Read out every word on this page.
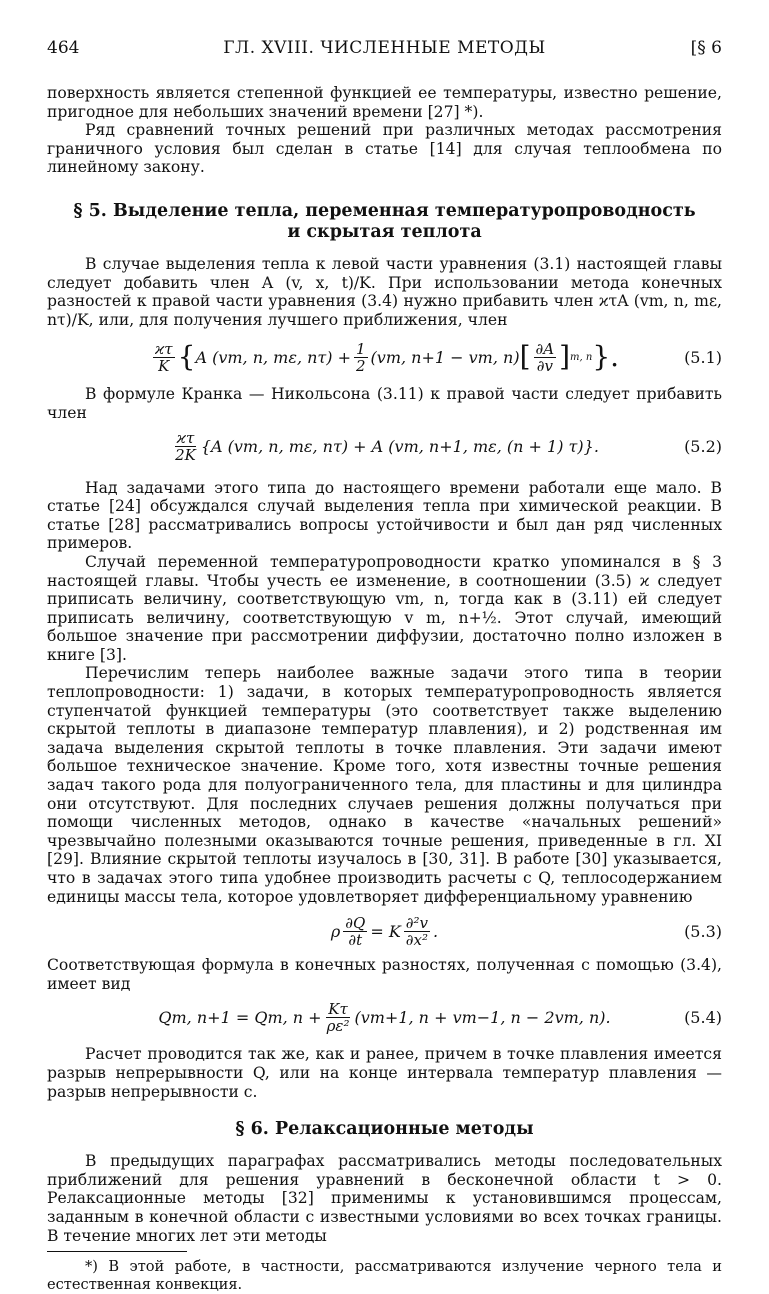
464	ГЛ. XVIII. ЧИСЛЕННЫЕ МЕТОДЫ	[§ 6

поверхность является степенной функцией ее температуры, известно решение, пригодное для небольших значений времени [27] *).

Ряд сравнений точных решений при различных методах рассмотрения граничного условия был сделан в статье [14] для случая теплообмена по линейному закону.

§ 5. Выделение тепла, переменная температуропроводность
и скрытая теплота

В случае выделения тепла к левой части уравнения (3.1) настоящей главы следует добавить член A (v, x, t)/K. При использовании метода конечных разностей к правой части уравнения (3.4) нужно прибавить член ϰτA (vm, n, mε, nτ)/K, или, для получения лучшего приближения, член

$\frac{ϰ\tau}{K}$ { A (vm, n, mε, $n\tau) + \frac{1}{2} (vm$, n+1 − vm, n) [ $\frac{\partial A}{\partial v}$ ] m, n }.	(5.1)

В формуле Кранка — Никольсона (3.11) к правой части следует прибавить член

$\frac{ϰ\tau}{2K} \{A$ (vm, n, mε, nτ) + A (vm, n+1, mε, (n + 1) τ)}.	(5.2)

Над задачами этого типа до настоящего времени работали еще мало. В статье [24] обсуждался случай выделения тепла при химической реакции. В статье [28] рассматривались вопросы устойчивости и был дан ряд численных примеров.

Случай переменной температуропроводности кратко упоминался в § 3 настоящей главы. Чтобы учесть ее изменение, в соотношении (3.5) ϰ следует приписать величину, соответствующую vm, n, тогда как в (3.11) ей следует приписать величину, соответствующую v m, n+½. Этот случай, имеющий большое значение при рассмотрении диффузии, достаточно полно изложен в книге [3].

Перечислим теперь наиболее важные задачи этого типа в теории теплопроводности: 1) задачи, в которых температуропроводность является ступенчатой функцией температуры (это соответствует также выделению скрытой теплоты в диапазоне температур плавления), и 2) родственная им задача выделения скрытой теплоты в точке плавления. Эти задачи имеют большое техническое значение. Кроме того, хотя известны точные решения задач такого рода для полуограниченного тела, для пластины и для цилиндра они отсутствуют. Для последних случаев решения должны получаться при помощи численных методов, однако в качестве «начальных решений» чрезвычайно полезными оказываются точные решения, приведенные в гл. XI [29]. Влияние скрытой теплоты изучалось в [30, 31]. В работе [30] указывается, что в задачах этого типа удобнее производить расчеты с Q, теплосодержанием единицы массы тела, которое удовлетворяет дифференциальному уравнению

ρ $\frac{\partial Q}{\partial t} = K \frac{\text{∂²v}}{\text{∂x²}}$ .	(5.3)

Соответствующая формула в конечных разностях, полученная с помощью (3.4), имеет вид

Qm, n+1 = Qm, $n + \frac{K\tau}{\text{ρε²}} (vm+1$, n + vm−1, n − 2vm, n).	(5.4)

Расчет проводится так же, как и ранее, причем в точке плавления имеется разрыв непрерывности Q, или на конце интервала температур плавления — разрыв непрерывности c.

§ 6. Релаксационные методы

В предыдущих параграфах рассматривались методы последовательных приближений для решения уравнений в бесконечной области t > 0. Релаксационные методы [32] применимы к установившимся процессам, заданным в конечной области с известными условиями во всех точках границы. В течение многих лет эти методы

*) В этой работе, в частности, рассматриваются излучение черного тела и естественная конвекция.
